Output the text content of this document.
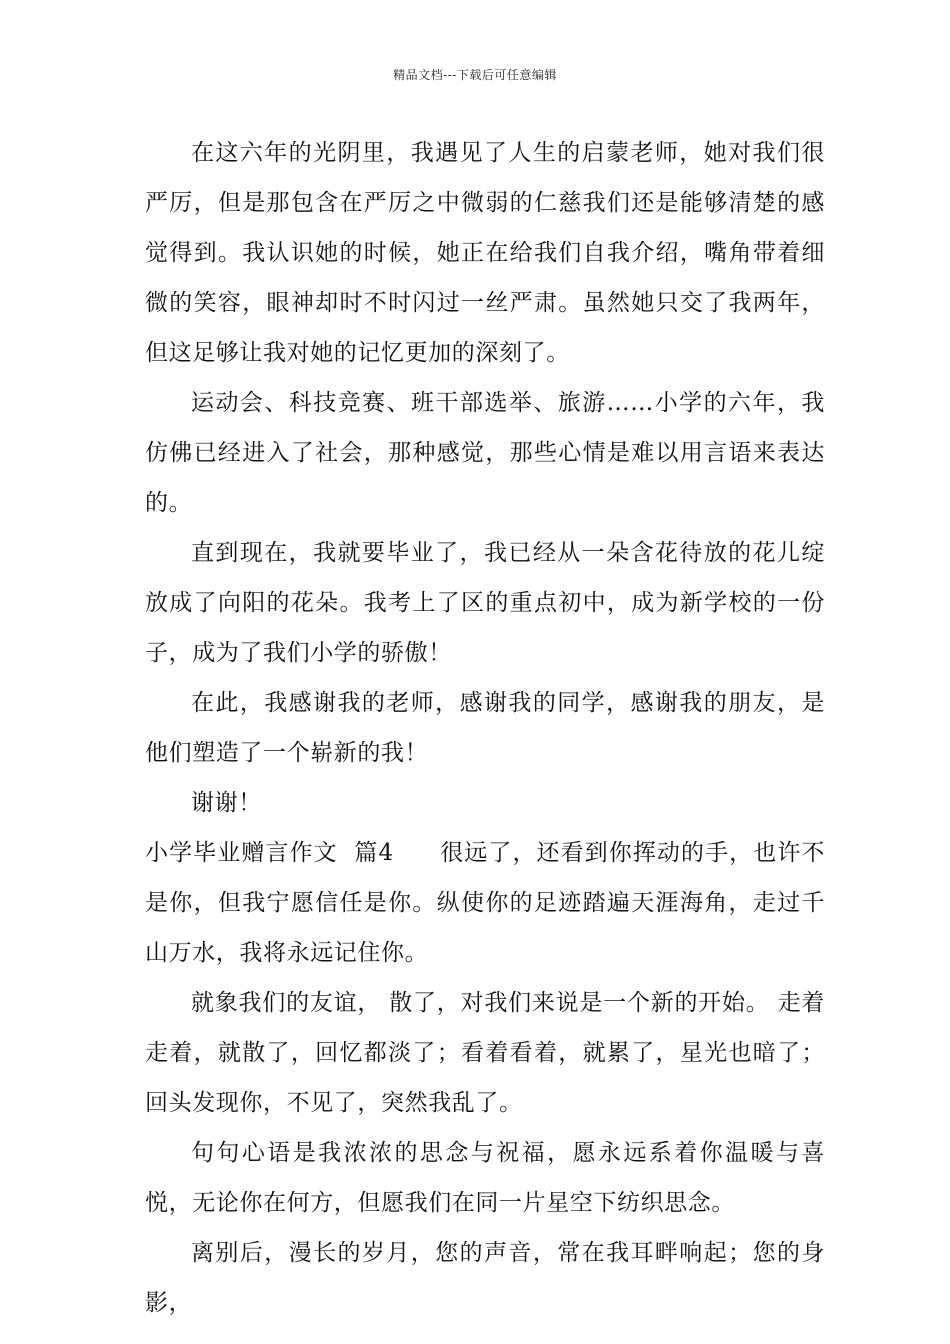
精品文档---下载后可任意编辑

在这六年的光阴里，我遇见了人生的启蒙老师，她对我们很严厉，但是那包含在严厉之中微弱的仁慈我们还是能够清楚的感觉得到。我认识她的时候，她正在给我们自我介绍，嘴角带着细微的笑容，眼神却时不时闪过一丝严肃。虽然她只交了我两年，但这足够让我对她的记忆更加的深刻了。

运动会、科技竞赛、班干部选举、旅游……小学的六年，我仿佛已经进入了社会，那种感觉，那些心情是难以用言语来表达的。

直到现在，我就要毕业了，我已经从一朵含花待放的花儿绽放成了向阳的花朵。我考上了区的重点初中，成为新学校的一份子，成为了我们小学的骄傲！

在此，我感谢我的老师，感谢我的同学，感谢我的朋友，是他们塑造了一个崭新的我！

谢谢！

小学毕业赠言作文  篇4 很远了，还看到你挥动的手，也许不是你，但我宁愿信任是你。纵使你的足迹踏遍天涯海角，走过千山万水，我将永远记住你。

就象我们的友谊， 散了，对我们来说是一个新的开始。 走着走着，就散了，回忆都淡了；看着看着，就累了，星光也暗了；回头发现你，不见了，突然我乱了。

句句心语是我浓浓的思念与祝福，愿永远系着你温暖与喜悦，无论你在何方，但愿我们在同一片星空下纺织思念。

离别后，漫长的岁月，您的声音，常在我耳畔响起；您的身影，
